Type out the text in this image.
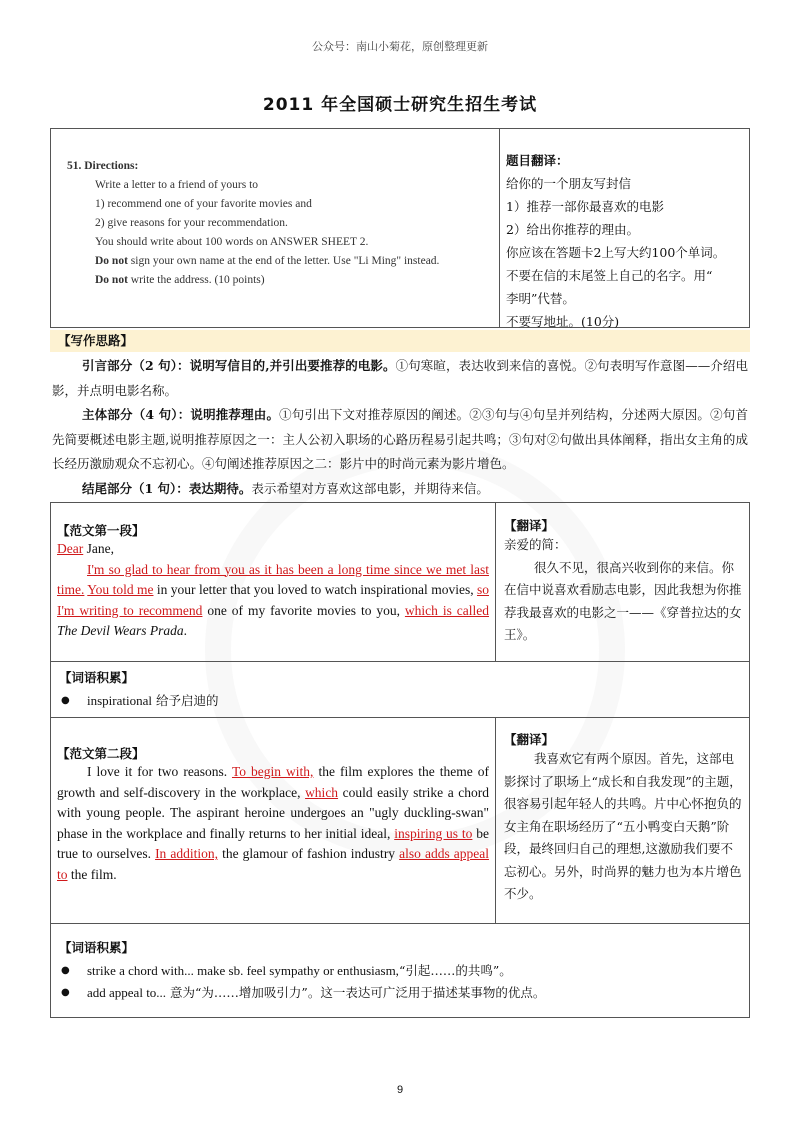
公众号：南山小菊花，原创整理更新
2011 年全国硕士研究生招生考试
51. Directions:
Write a letter to a friend of yours to
1) recommend one of your favorite movies and
2) give reasons for your recommendation.
You should write about 100 words on ANSWER SHEET 2.
Do not sign your own name at the end of the letter. Use "Li Ming" instead.
Do not write the address. (10 points)
题目翻译：
给你的一个朋友写封信
1）推荐一部你最喜欢的电影
2）给出你推荐的理由。
你应该在答题卡2上写大约100个单词。
不要在信的末尾签上自己的名字。用“
李明”代替。
不要写地址。(10分)
【写作思路】

引言部分（2 句）：说明写信目的,并引出要推荐的电影。①句寒暄，表达收到来信的喜悦。②句表明写作意图——介绍电影，并点明电影名称。

主体部分（4 句）：说明推荐理由。①句引出下文对推荐原因的阐述。②③句与④句呈并列结构，分述两大原因。②句首先简要概述电影主题,说明推荐原因之一：主人公初入职场的心路历程易引起共鸣；③句对②句做出具体阐释，指出女主角的成长经历激励观众不忘初心。④句阐述推荐原因之二：影片中的时尚元素为影片增色。

结尾部分（1 句）：表达期待。表示希望对方喜欢这部电影，并期待来信。

【范文第一段】
Dear Jane,
I'm so glad to hear from you as it has been a long time since we met last time. You told me in your letter that you loved to watch inspirational movies, so I'm writing to recommend one of my favorite movies to you, which is called The Devil Wears Prada.
【翻译】
亲爱的简：

很久不见，很高兴收到你的来信。你在信中说喜欢看励志电影，因此我想为你推荐我最喜欢的电影之一——《穿普拉达的女王》。

【词语积累】
● inspirational 给予启迪的
【范文第二段】
I love it for two reasons. To begin with, the film explores the theme of growth and self-discovery in the workplace, which could easily strike a chord with young people. The aspirant heroine undergoes an "ugly duckling-swan" phase in the workplace and finally returns to her initial ideal, inspiring us to be true to ourselves. In addition, the glamour of fashion industry also adds appeal to the film.
【翻译】

我喜欢它有两个原因。首先，这部电影探讨了职场上“成长和自我发现”的主题，很容易引起年轻人的共鸣。片中心怀抱负的女主角在职场经历了“五小鸭变白天鹅”阶段，最终回归自己的理想,这激励我们要不忘初心。另外，时尚界的魅力也为本片增色不少。

【词语积累】
● strike a chord with... make sb. feel sympathy or enthusiasm,“引起……的共鸣”。
● add appeal to... 意为“为……增加吸引力”。这一表达可广泛用于描述某事物的优点。
9
